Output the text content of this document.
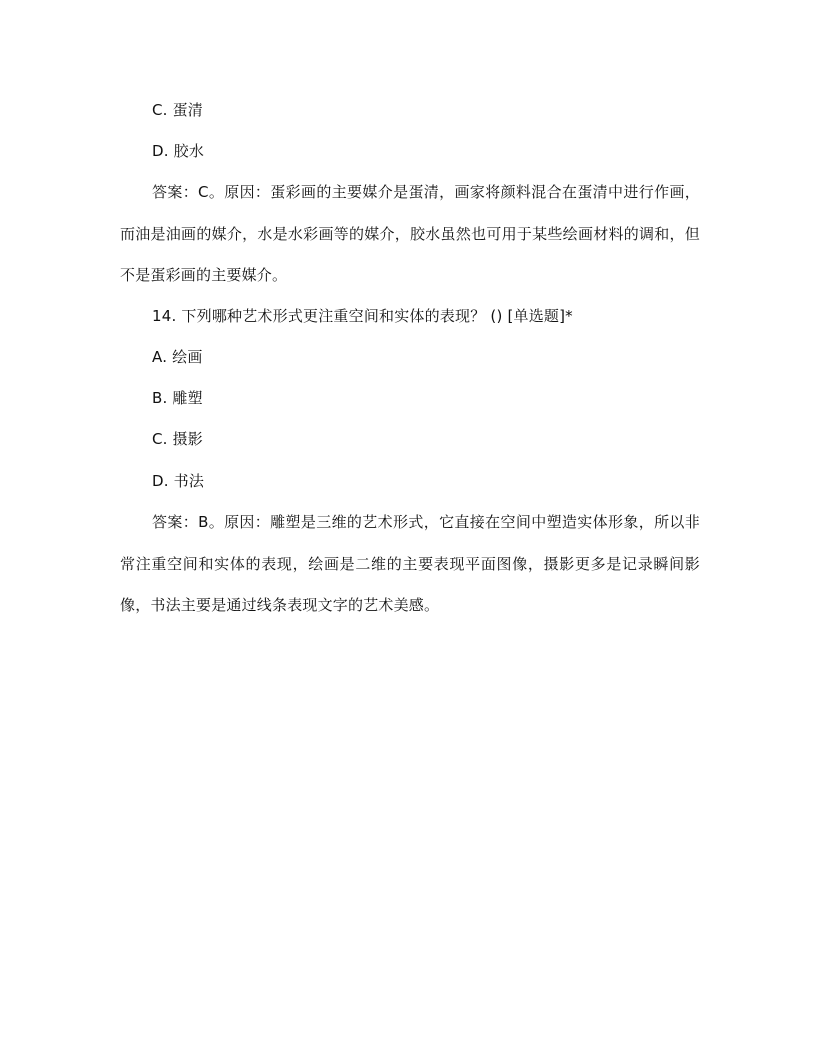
C. 蛋清
D. 胶水
答案：C。原因：蛋彩画的主要媒介是蛋清，画家将颜料混合在蛋清中进行作画，而油是油画的媒介，水是水彩画等的媒介，胶水虽然也可用于某些绘画材料的调和，但不是蛋彩画的主要媒介。
14. 下列哪种艺术形式更注重空间和实体的表现？ () [单选题]*
A. 绘画
B. 雕塑
C. 摄影
D. 书法
答案：B。原因：雕塑是三维的艺术形式，它直接在空间中塑造实体形象，所以非常注重空间和实体的表现，绘画是二维的主要表现平面图像，摄影更多是记录瞬间影像，书法主要是通过线条表现文字的艺术美感。
